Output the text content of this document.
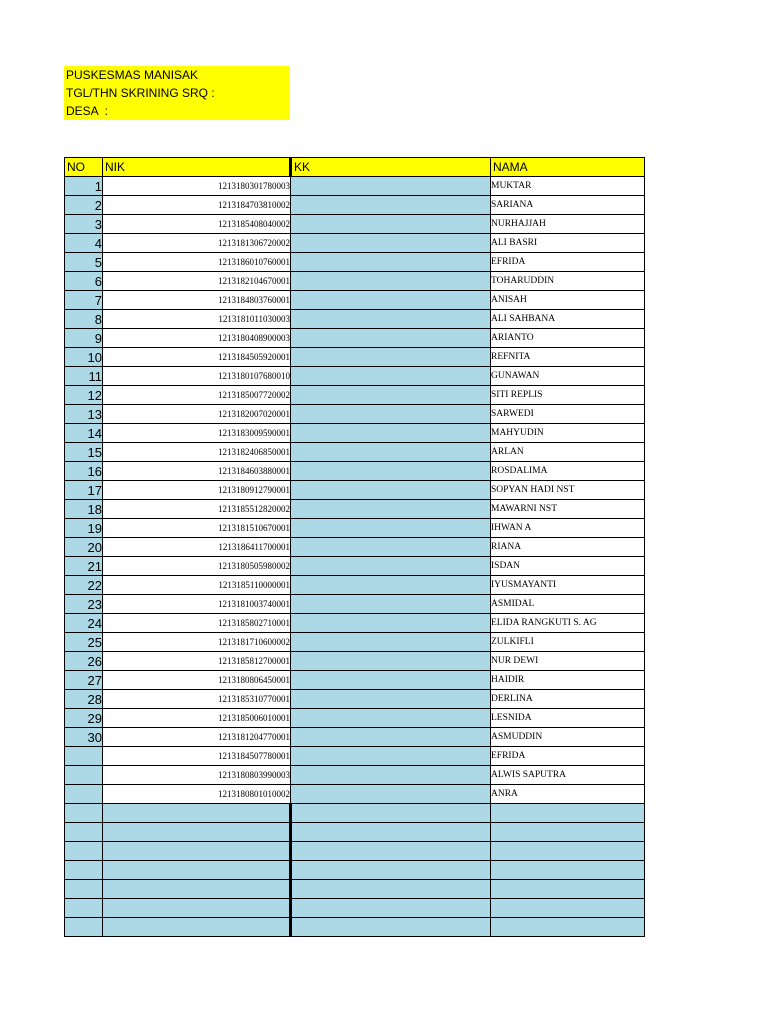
PUSKESMAS MANISAK
TGL/THN SKRINING SRQ :
DESA  :
NO	NIK	KK	NAMA
1	1213180301780003		MUKTAR
2	1213184703810002		SARIANA
3	1213185408040002		NURHAJJAH
4	1213181306720002		ALI BASRI
5	1213186010760001		EFRIDA
6	1213182104670001		TOHARUDDIN
7	1213184803760001		ANISAH
8	1213181011030003		ALI SAHBANA
9	1213180408900003		ARIANTO
10	1213184505920001		REFNITA
11	1213180107680010		GUNAWAN
12	1213185007720002		SITI REPLIS
13	1213182007020001		SARWEDI
14	1213183009590001		MAHYUDIN
15	1213182406850001		ARLAN
16	1213184603880001		ROSDALIMA
17	1213180912790001		SOPYAN HADI NST
18	1213185512820002		MAWARNI NST
19	1213181510670001		IHWAN A
20	1213186411700001		RIANA
21	1213180505980002		ISDAN
22	1213185110000001		IYUSMAYANTI
23	1213181003740001		ASMIDAL
24	1213185802710001		ELIDA RANGKUTI S. AG
25	1213181710600002		ZULKIFLI
26	1213185812700001		NUR DEWI
27	1213180806450001		HAIDIR
28	1213185310770001		DERLINA
29	1213185006010001		LESNIDA
30	1213181204770001		ASMUDDIN
	1213184507780001		EFRIDA
	1213180803990003		ALWIS SAPUTRA
	1213180801010002		ANRA
